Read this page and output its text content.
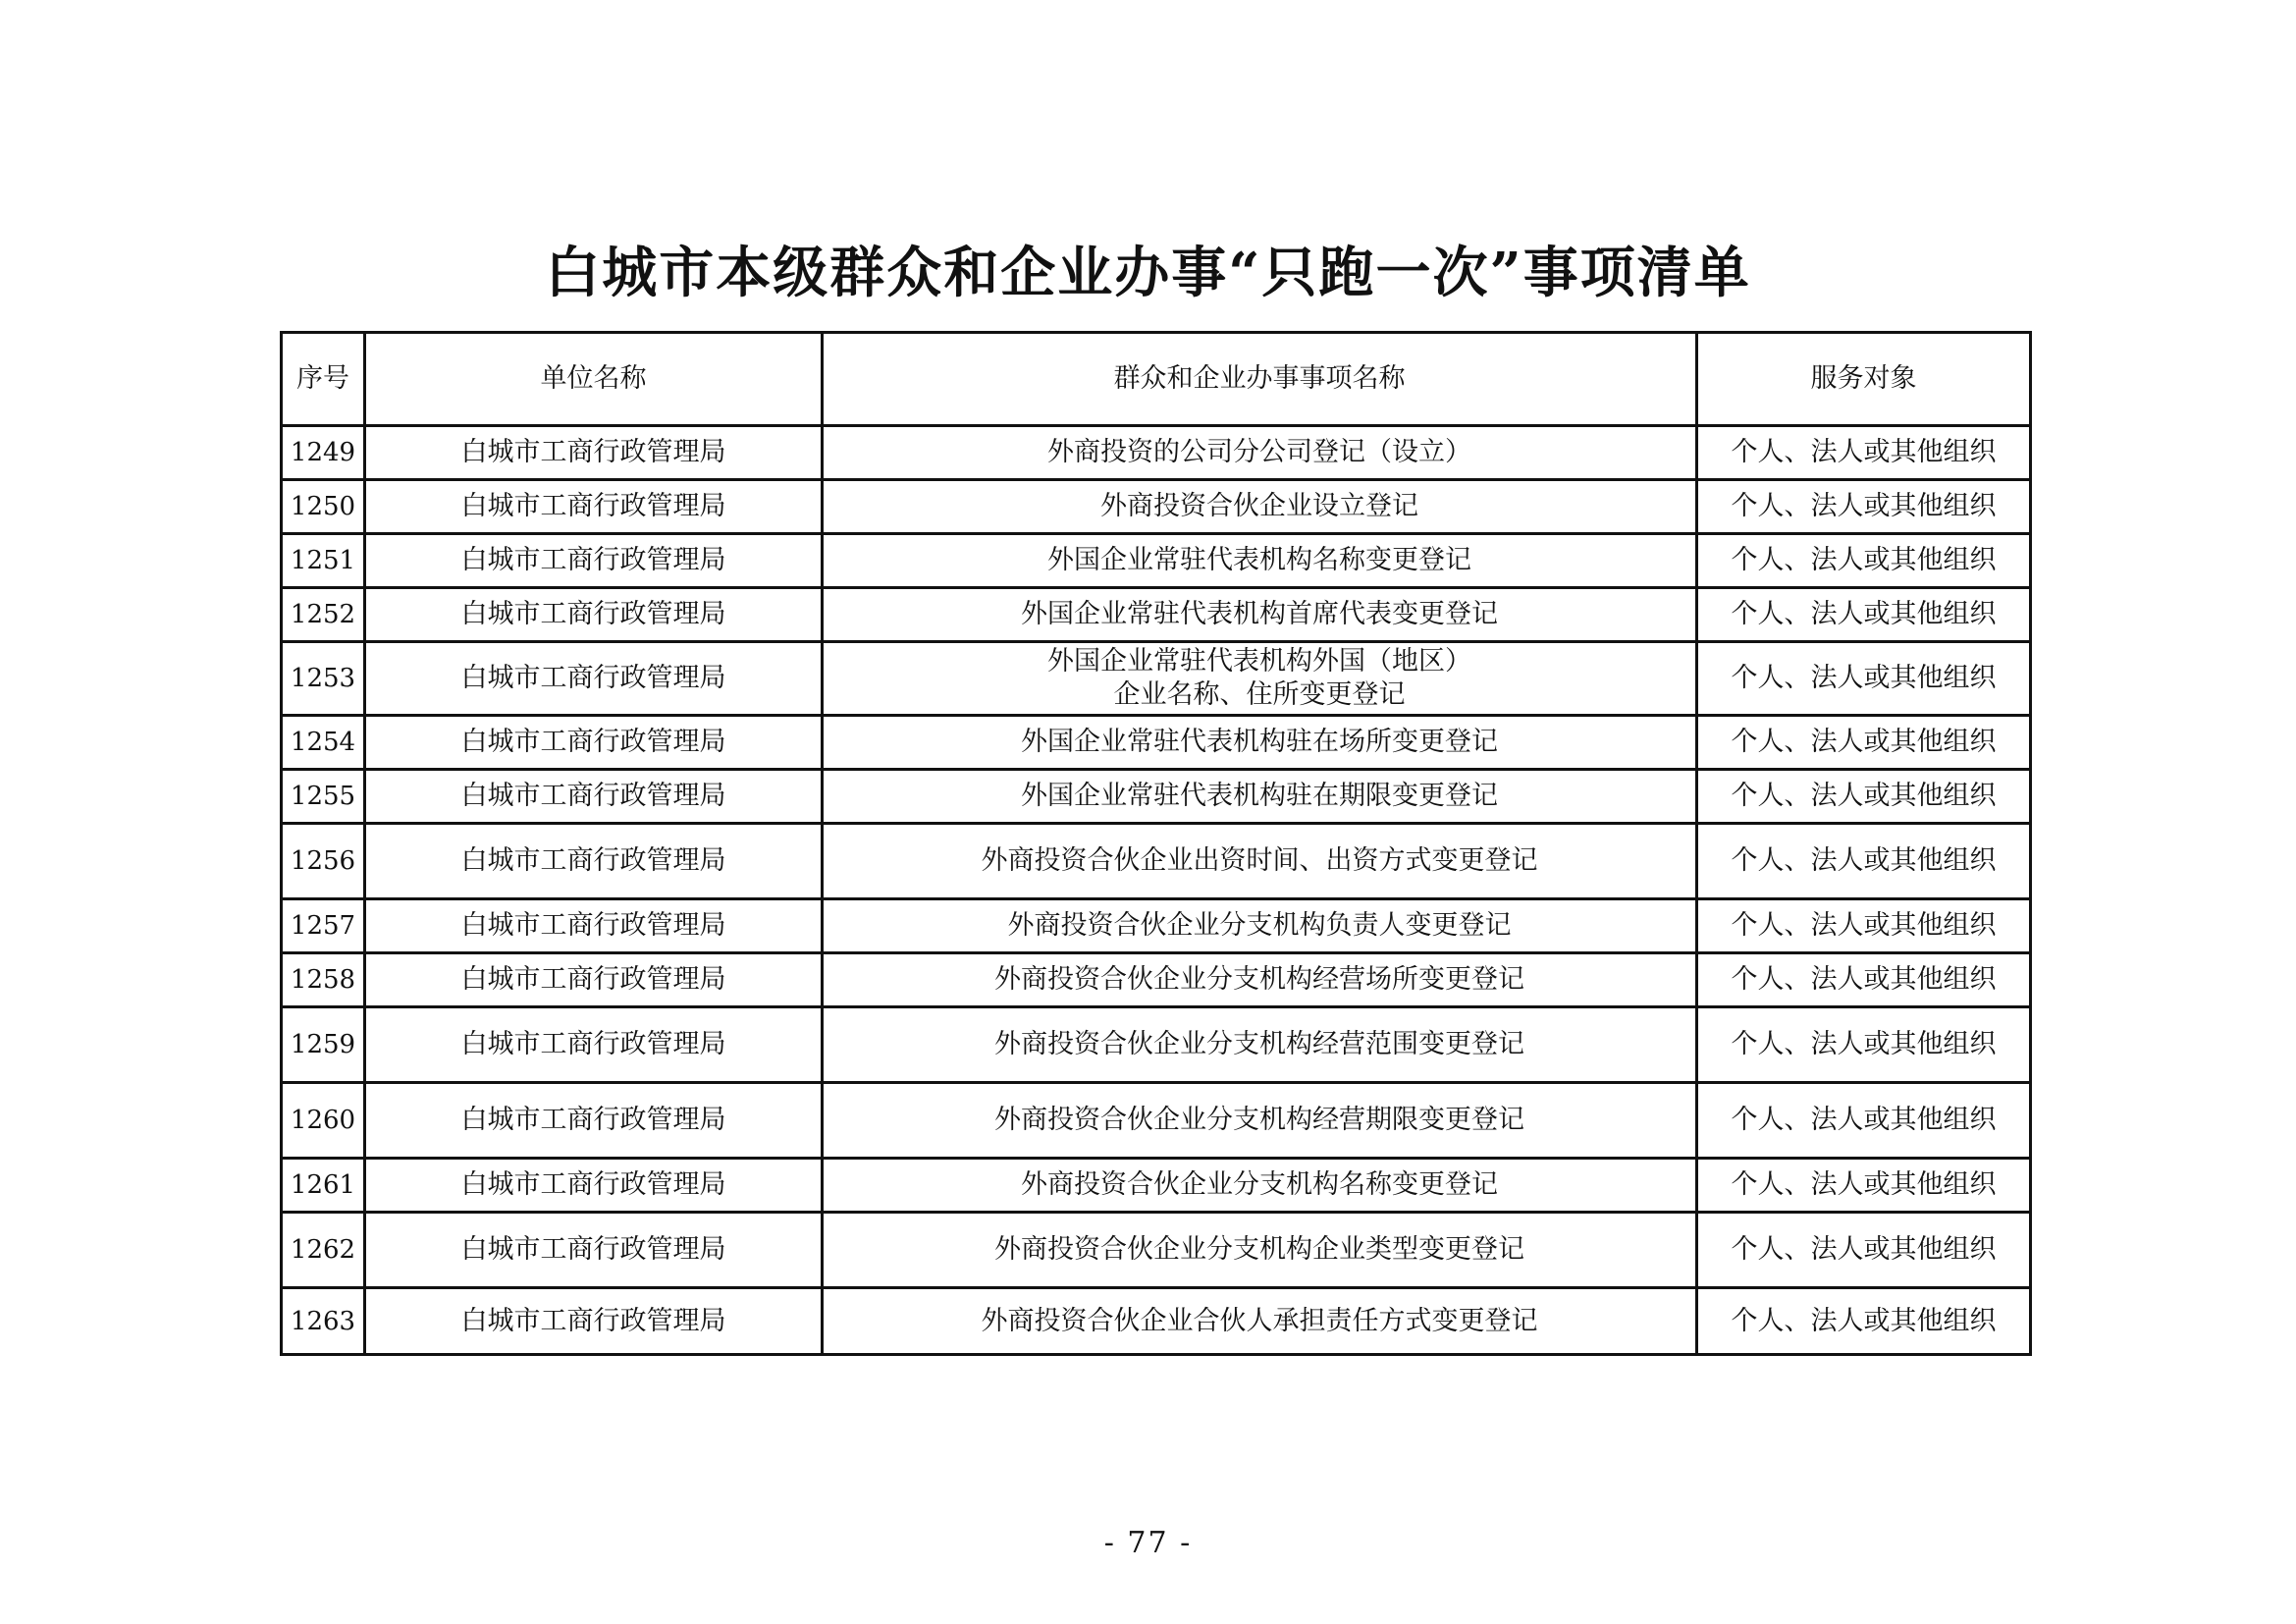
白城市本级群众和企业办事“只跑一次”事项清单
序号	单位名称	群众和企业办事事项名称	服务对象
1249	白城市工商行政管理局	外商投资的公司分公司登记（设立）	个人、法人或其他组织
1250	白城市工商行政管理局	外商投资合伙企业设立登记	个人、法人或其他组织
1251	白城市工商行政管理局	外国企业常驻代表机构名称变更登记	个人、法人或其他组织
1252	白城市工商行政管理局	外国企业常驻代表机构首席代表变更登记	个人、法人或其他组织
1253	白城市工商行政管理局	外国企业常驻代表机构外国（地区）
企业名称、住所变更登记	个人、法人或其他组织
1254	白城市工商行政管理局	外国企业常驻代表机构驻在场所变更登记	个人、法人或其他组织
1255	白城市工商行政管理局	外国企业常驻代表机构驻在期限变更登记	个人、法人或其他组织
1256	白城市工商行政管理局	外商投资合伙企业出资时间、出资方式变更登记	个人、法人或其他组织
1257	白城市工商行政管理局	外商投资合伙企业分支机构负责人变更登记	个人、法人或其他组织
1258	白城市工商行政管理局	外商投资合伙企业分支机构经营场所变更登记	个人、法人或其他组织
1259	白城市工商行政管理局	外商投资合伙企业分支机构经营范围变更登记	个人、法人或其他组织
1260	白城市工商行政管理局	外商投资合伙企业分支机构经营期限变更登记	个人、法人或其他组织
1261	白城市工商行政管理局	外商投资合伙企业分支机构名称变更登记	个人、法人或其他组织
1262	白城市工商行政管理局	外商投资合伙企业分支机构企业类型变更登记	个人、法人或其他组织
1263	白城市工商行政管理局	外商投资合伙企业合伙人承担责任方式变更登记	个人、法人或其他组织
- 77 -
